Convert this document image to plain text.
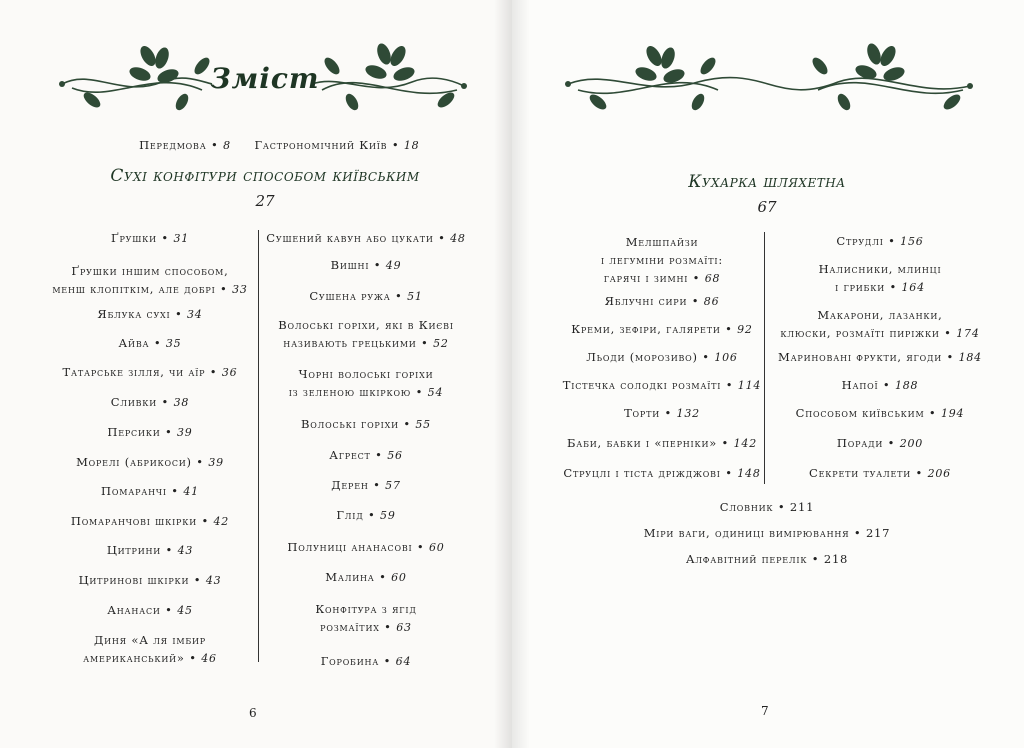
Зміст
Передмова • 8	Гастрономічний Київ • 18
Сухі конфітури способом київським
27
Ґрушки • 31
Ґрушки іншим способом,
менш клопіткім, але добрі • 33
Яблука сухі • 34
Айва • 35
Татарське зілля, чи аїр • 36
Сливки • 38
Персики • 39
Морелі (абрикоси) • 39
Помаранчі • 41
Помаранчові шкірки • 42
Цитрини • 43
Цитринові шкірки • 43
Ананаси • 45
Диня «А ля імбир
американський» • 46
Сушений кавун або цукати • 48
Вишні • 49
Сушена ружа • 51
Волоські горіхи, які в Києві
називають грецькими • 52
Чорні волоські горіхи
із зеленою шкіркою • 54
Волоські горіхи • 55
Агрест • 56
Дерен • 57
Глід • 59
Полуниці ананасові • 60
Малина • 60
Конфітура з ягід
розмаїтих • 63
Горобина • 64
6
Кухарка шляхетна
67
Мелшпайзи
і легуміни розмаїті:
гарячі і зимні • 68
Яблучні сири • 86
Креми, зефіри, галярети • 92
Льоди (морозиво) • 106
Тістечка солодкі розмаїті • 114
Торти • 132
Баби, бабки і «перніки» • 142
Струцлі і тіста дріжджові • 148
Струдлі • 156
Налисники, млинці
і грибки • 164
Макарони, лазанки,
клюски, розмаїті пиріжки • 174
Мариновані фрукти, ягоди • 184
Напої • 188
Способом київським • 194
Поради • 200
Секрети туалети • 206
Словник • 211
Міри ваги, одиниці вимірювання • 217
Алфавітний перелік • 218
7
